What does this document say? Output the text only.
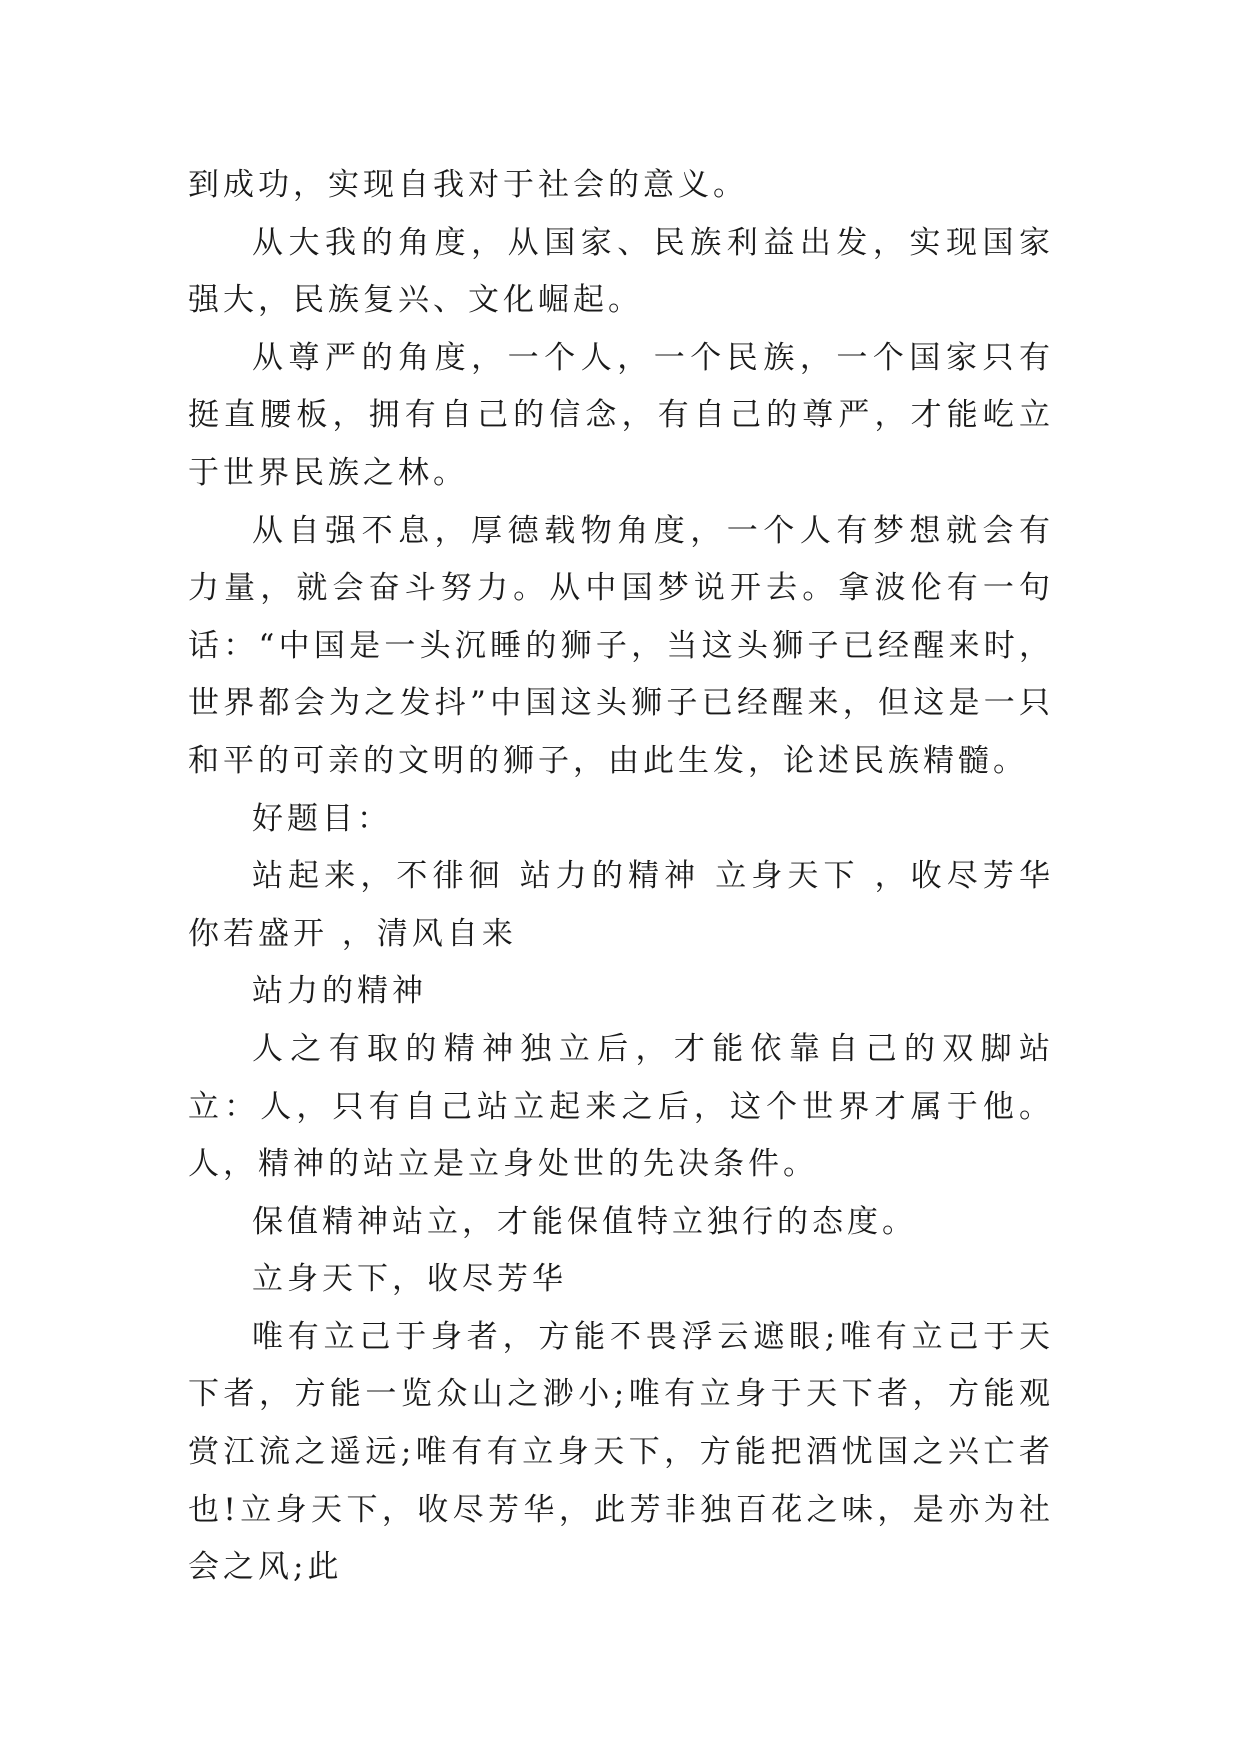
到成功，实现自我对于社会的意义。

从大我的角度，从国家、民族利益出发，实现国家强大，民族复兴、文化崛起。

从尊严的角度，一个人，一个民族，一个国家只有挺直腰板，拥有自己的信念，有自己的尊严，才能屹立于世界民族之林。

从自强不息，厚德载物角度，一个人有梦想就会有力量，就会奋斗努力。从中国梦说开去。拿波伦有一句话：“中国是一头沉睡的狮子，当这头狮子已经醒来时，世界都会为之发抖”中国这头狮子已经醒来，但这是一只和平的可亲的文明的狮子，由此生发，论述民族精髓。

好题目：

站起来，不徘徊 站力的精神 立身天下 ，收尽芳华 你若盛开 ，清风自来

站力的精神

人之有取的精神独立后，才能依靠自己的双脚站立：人，只有自己站立起来之后，这个世界才属于他。人，精神的站立是立身处世的先决条件。

保值精神站立，才能保值特立独行的态度。

立身天下，收尽芳华

唯有立己于身者，方能不畏浮云遮眼;唯有立己于天下者，方能一览众山之渺小;唯有立身于天下者，方能观赏江流之遥远;唯有有立身天下，方能把酒忧国之兴亡者也!立身天下，收尽芳华，此芳非独百花之味，是亦为社会之风;此
